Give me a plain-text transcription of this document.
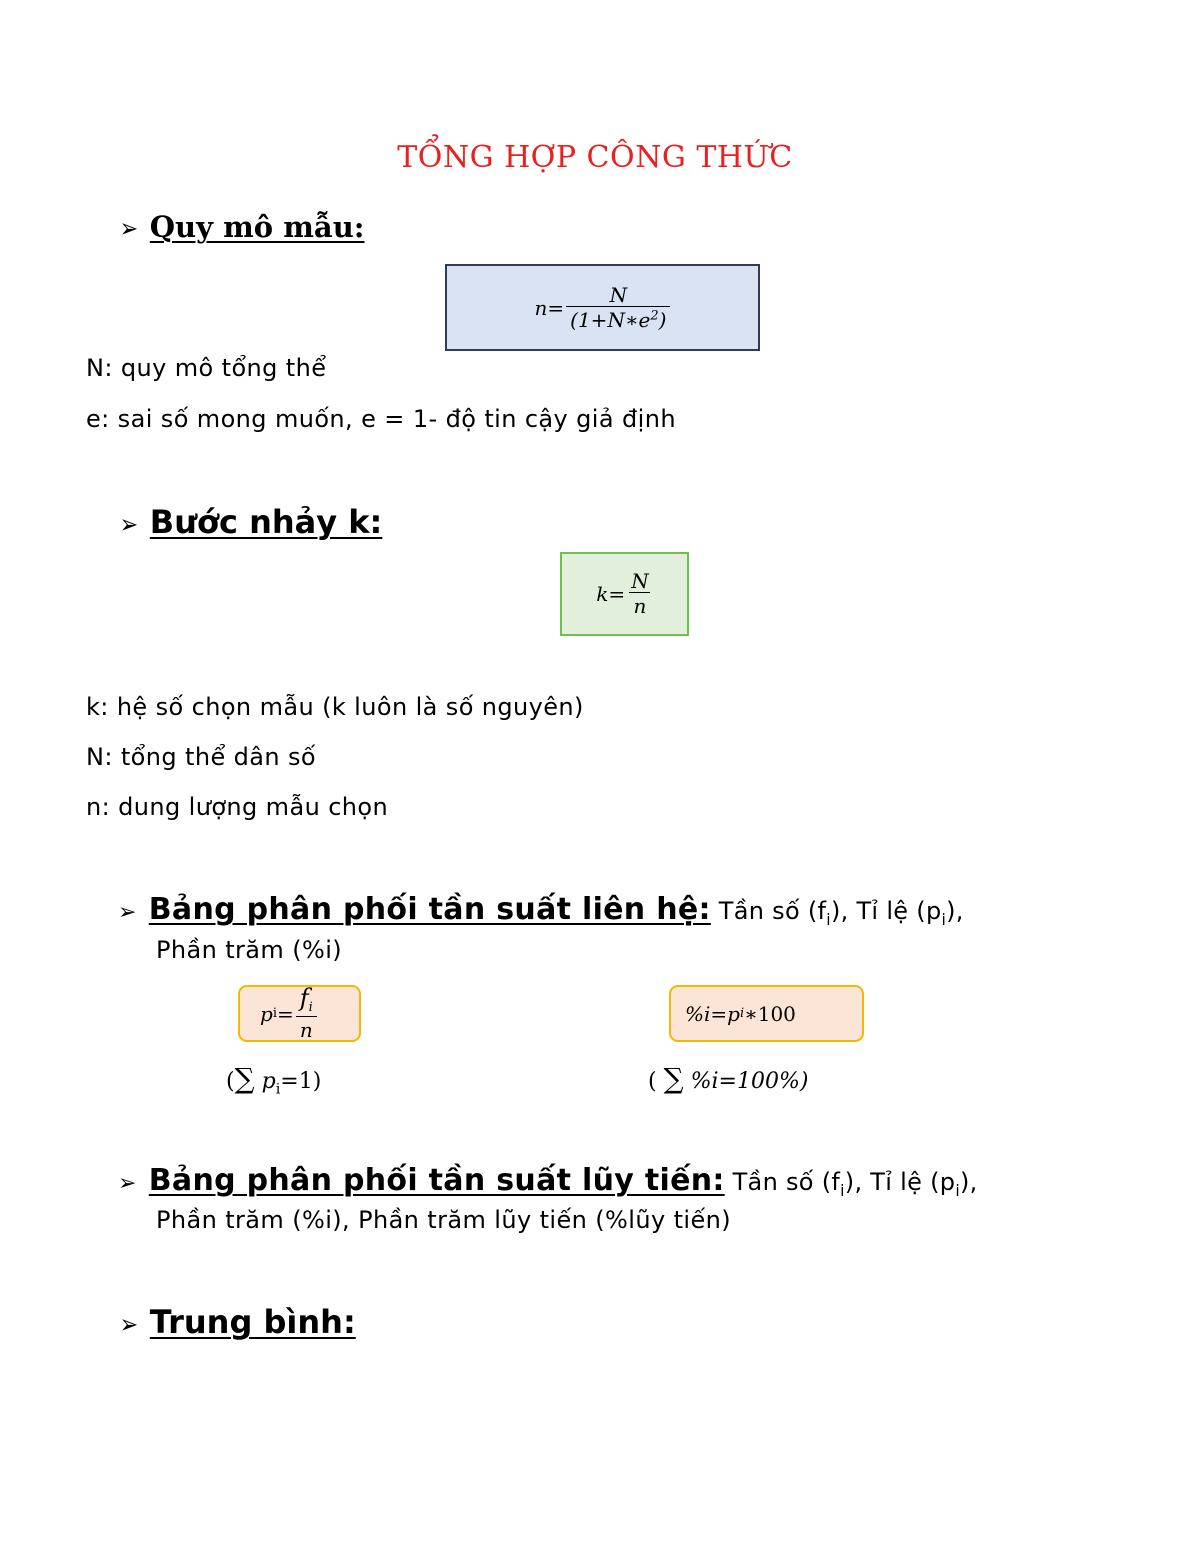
TỔNG HỢP CÔNG THỨC
➢ Quy mô mẫu:
$n= \frac{N}{(1+N∗e^2)}$
N: quy mô tổng thể
e: sai số mong muốn, e = 1- độ tin cậy giả định
➢ Bước nhảy k:
$k= \frac{N}{n}$
k: hệ số chọn mẫu (k luôn là số nguyên)
N: tổng thể dân số
n: dung lượng mẫu chọn
➢ Bảng phân phối tần suất liên hệ: Tần số $(f_i)$, Tỉ lệ $(p_i)$,
Phần trăm (%i)
p $i = \frac{f_i}{n}$	%i=p i ∗100
(∑ $p_i=1$)	( ∑ %i=100%)
➢ Bảng phân phối tần suất lũy tiến: Tần số $(f_i)$, Tỉ lệ $(p_i)$,
Phần trăm (%i), Phần trăm lũy tiến (%lũy tiến)
➢ Trung bình:
